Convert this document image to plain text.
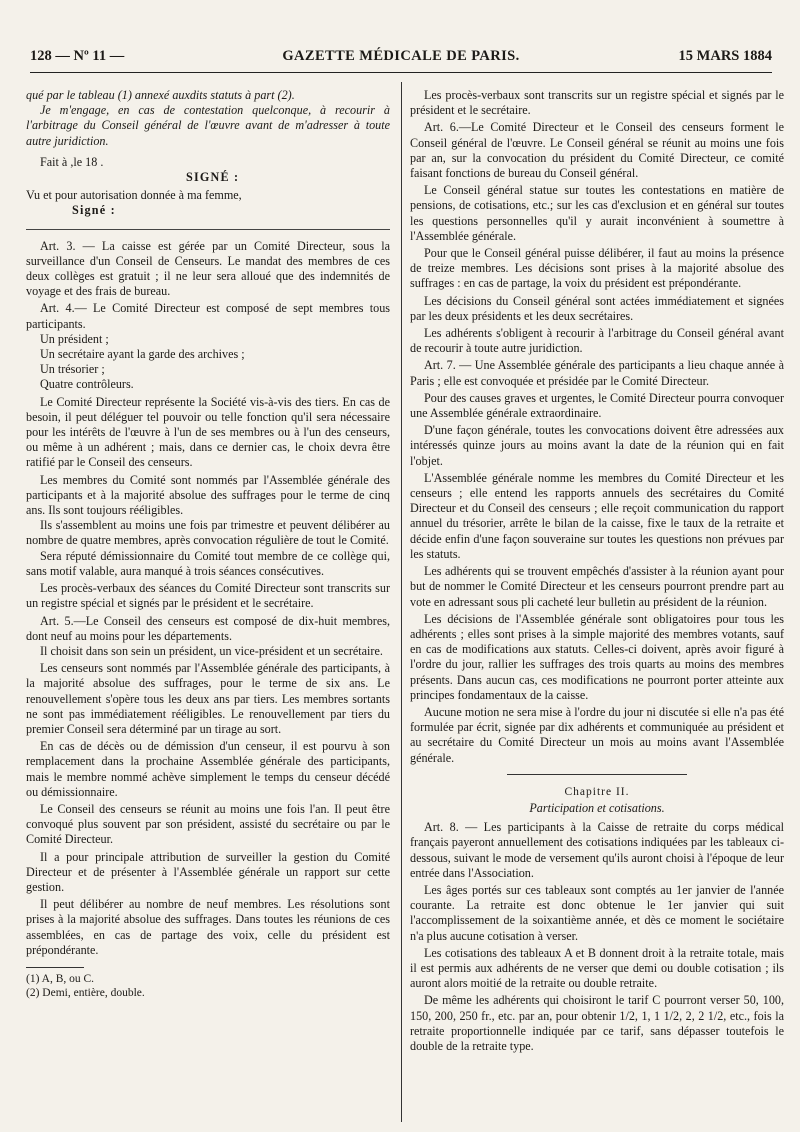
128 — Nº 11 —	GAZETTE MÉDICALE DE PARIS.	15 MARS 1884

qué par le tableau (1) annexé auxdits statuts à part (2).

Je m'engage, en cas de contestation quelconque, à recourir à l'arbitrage du Conseil général de l'œuvre avant de m'adresser à toute autre juridiction.

Fait à ,le 18 .

SIGNÉ :

Vu et pour autorisation donnée à ma femme,

Signé :

Art. 3. — La caisse est gérée par un Comité Directeur, sous la surveillance d'un Conseil de Censeurs. Le mandat des membres de ces deux collèges est gratuit ; il ne leur sera alloué que des indemnités de voyage et des frais de bureau.

Art. 4.— Le Comité Directeur est composé de sept membres tous participants.

Un président ;

Un secrétaire ayant la garde des archives ;

Un trésorier ;

Quatre contrôleurs.

Le Comité Directeur représente la Société vis-à-vis des tiers. En cas de besoin, il peut déléguer tel pouvoir ou telle fonction qu'il sera nécessaire pour les intérêts de l'œuvre à l'un de ses membres ou à l'un des censeurs, ou même à un adhérent ; mais, dans ce dernier cas, le choix devra être ratifié par le Conseil des censeurs.

Les membres du Comité sont nommés par l'Assemblée générale des participants et à la majorité absolue des suffrages pour le terme de cinq ans. Ils sont toujours rééligibles.

Ils s'assemblent au moins une fois par trimestre et peuvent délibérer au nombre de quatre membres, après convocation régulière de tout le Comité.

Sera réputé démissionnaire du Comité tout membre de ce collège qui, sans motif valable, aura manqué à trois séances consécutives.

Les procès-verbaux des séances du Comité Directeur sont transcrits sur un registre spécial et signés par le président et le secrétaire.

Art. 5.—Le Conseil des censeurs est composé de dix-huit membres, dont neuf au moins pour les départements.

Il choisit dans son sein un président, un vice-président et un secrétaire.

Les censeurs sont nommés par l'Assemblée générale des participants, à la majorité absolue des suffrages, pour le terme de six ans. Le renouvellement s'opère tous les deux ans par tiers. Les membres sortants ne sont pas immédiatement rééligibles. Le renouvellement par tiers du premier Conseil sera déterminé par un tirage au sort.

En cas de décès ou de démission d'un censeur, il est pourvu à son remplacement dans la prochaine Assemblée générale des participants, mais le membre nommé achève simplement le temps du censeur décédé ou démissionnaire.

Le Conseil des censeurs se réunit au moins une fois l'an. Il peut être convoqué plus souvent par son président, assisté du secrétaire ou par le Comité Directeur.

Il a pour principale attribution de surveiller la gestion du Comité Directeur et de présenter à l'Assemblée générale un rapport sur cette gestion.

Il peut délibérer au nombre de neuf membres. Les résolutions sont prises à la majorité absolue des suffrages. Dans toutes les réunions de ces assemblées, en cas de partage des voix, celle du président est prépondérante.

(1) A, B, ou C.

(2) Demi, entière, double.

Les procès-verbaux sont transcrits sur un registre spécial et signés par le président et le secrétaire.

Art. 6.—Le Comité Directeur et le Conseil des censeurs forment le Conseil général de l'œuvre. Le Conseil général se réunit au moins une fois par an, sur la convocation du président du Comité Directeur, ce comité faisant fonctions de bureau du Conseil général.

Le Conseil général statue sur toutes les contestations en matière de pensions, de cotisations, etc.; sur les cas d'exclusion et en général sur toutes les questions personnelles qu'il y aurait inconvénient à soumettre à l'Assemblée générale.

Pour que le Conseil général puisse délibérer, il faut au moins la présence de treize membres. Les décisions sont prises à la majorité absolue des suffrages : en cas de partage, la voix du président est prépondérante.

Les décisions du Conseil général sont actées immédiatement et signées par les deux présidents et les deux secrétaires.

Les adhérents s'obligent à recourir à l'arbitrage du Conseil général avant de recourir à toute autre juridiction.

Art. 7. — Une Assemblée générale des participants a lieu chaque année à Paris ; elle est convoquée et présidée par le Comité Directeur.

Pour des causes graves et urgentes, le Comité Directeur pourra convoquer une Assemblée générale extraordinaire.

D'une façon générale, toutes les convocations doivent être adressées aux intéressés quinze jours au moins avant la date de la réunion qui en fait l'objet.

L'Assemblée générale nomme les membres du Comité Directeur et les censeurs ; elle entend les rapports annuels des secrétaires du Comité Directeur et du Conseil des censeurs ; elle reçoit communication du rapport annuel du trésorier, arrête le bilan de la caisse, fixe le taux de la retraite et décide enfin d'une façon souveraine sur toutes les questions non prévues par les statuts.

Les adhérents qui se trouvent empêchés d'assister à la réunion ayant pour but de nommer le Comité Directeur et les censeurs pourront prendre part au vote en adressant sous pli cacheté leur bulletin au président de la réunion.

Les décisions de l'Assemblée générale sont obligatoires pour tous les adhérents ; elles sont prises à la simple majorité des membres votants, sauf en cas de modifications aux statuts. Celles-ci doivent, après avoir figuré à l'ordre du jour, rallier les suffrages des trois quarts au moins des membres présents. Dans aucun cas, ces modifications ne pourront porter atteinte aux principes fondamentaux de la caisse.

Aucune motion ne sera mise à l'ordre du jour ni discutée si elle n'a pas été formulée par écrit, signée par dix adhérents et communiquée au président et au secrétaire du Comité Directeur un mois au moins avant l'Assemblée générale.

Chapitre II.

Participation et cotisations.

Art. 8. — Les participants à la Caisse de retraite du corps médical français payeront annuellement des cotisations indiquées par les tableaux ci-dessous, suivant le mode de versement qu'ils auront choisi à l'époque de leur entrée dans l'Association.

Les âges portés sur ces tableaux sont comptés au 1er janvier de l'année courante. La retraite est donc obtenue le 1er janvier qui suit l'accomplissement de la soixantième année, et dès ce moment le sociétaire n'a plus aucune cotisation à verser.

Les cotisations des tableaux A et B donnent droit à la retraite totale, mais il est permis aux adhérents de ne verser que demi ou double cotisation ; ils auront alors moitié de la retraite ou double retraite.

De même les adhérents qui choisiront le tarif C pourront verser 50, 100, 150, 200, 250 fr., etc. par an, pour obtenir 1/2, 1, 1 1/2, 2, 2 1/2, etc., fois la retraite proportionnelle indiquée par ce tarif, sans dépasser toutefois le double de la retraite type.
